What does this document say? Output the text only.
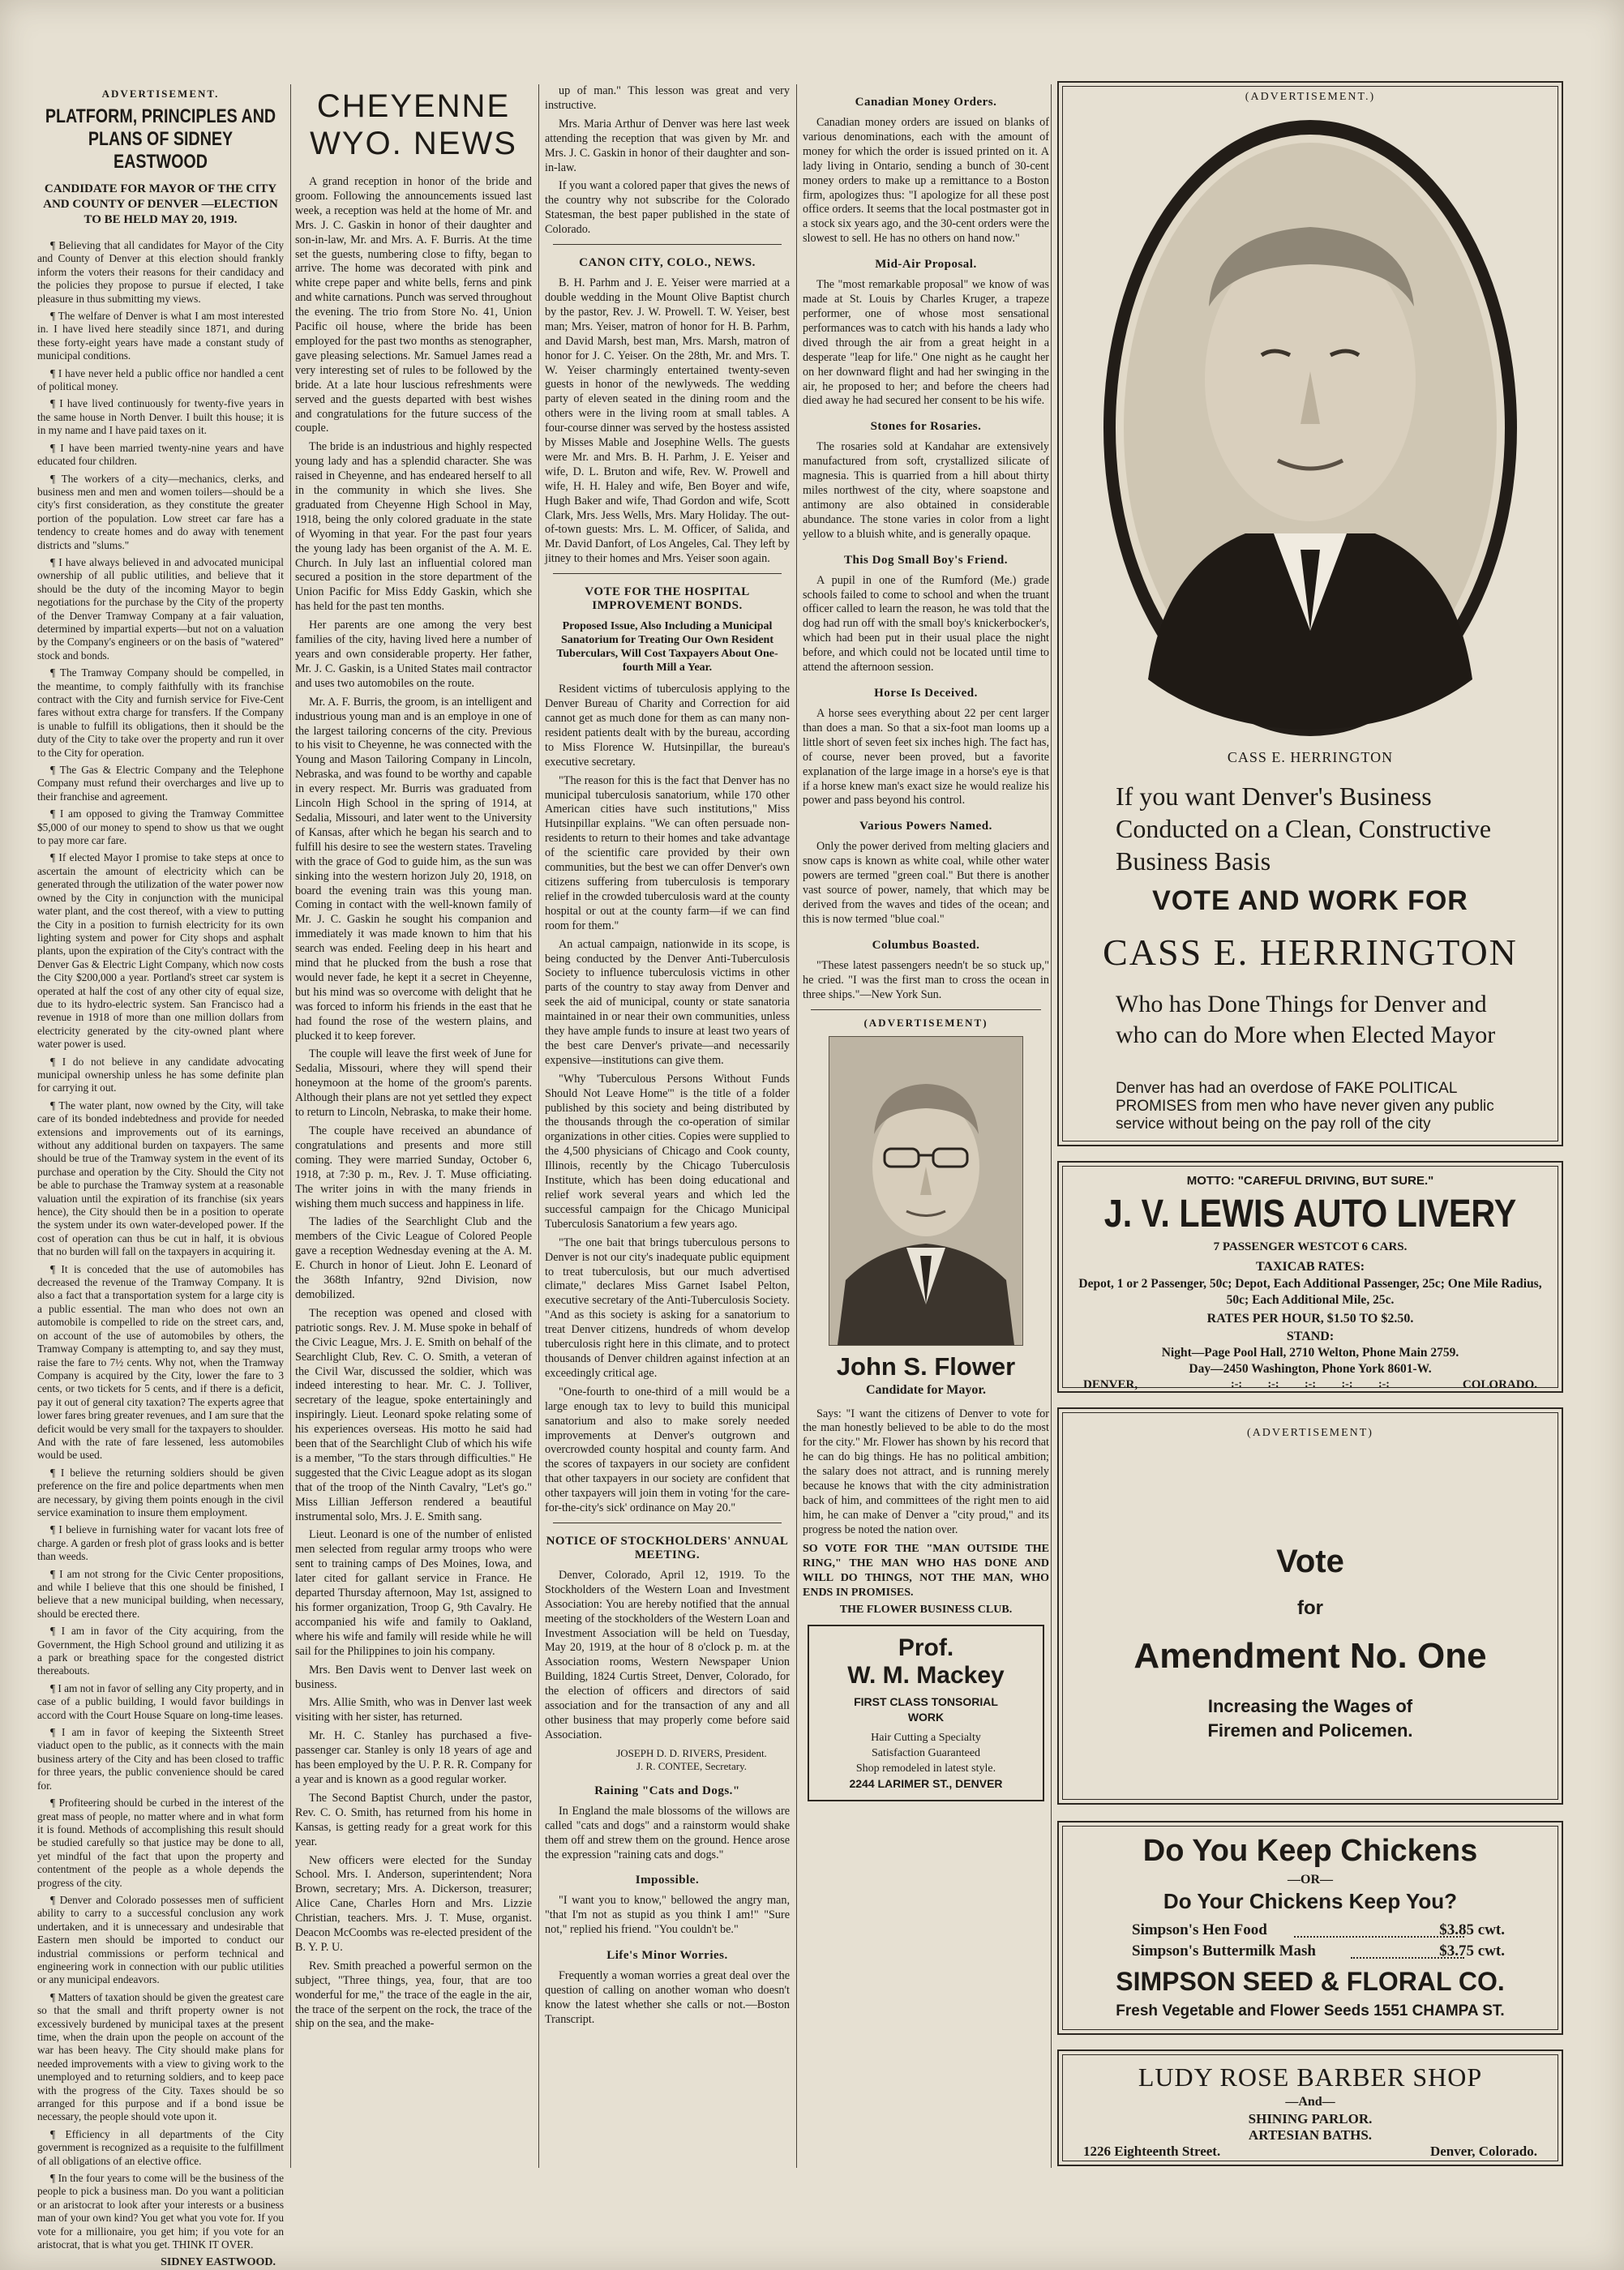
ADVERTISEMENT.
PLATFORM, PRINCIPLES AND PLANS OF SIDNEY EASTWOOD
CANDIDATE FOR MAYOR OF THE CITY AND COUNTY OF DENVER —ELECTION TO BE HELD MAY 20, 1919.

¶ Believing that all candidates for Mayor of the City and County of Denver at this election should frankly inform the voters their reasons for their candidacy and the policies they propose to pursue if elected, I take pleasure in thus submitting my views.

¶ The welfare of Denver is what I am most interested in. I have lived here steadily since 1871, and during these forty-eight years have made a constant study of municipal conditions.

¶ I have never held a public office nor handled a cent of political money.

¶ I have lived continuously for twenty-five years in the same house in North Denver. I built this house; it is in my name and I have paid taxes on it.

¶ I have been married twenty-nine years and have educated four children.

¶ The workers of a city—mechanics, clerks, and business men and men and women toilers—should be a city's first consideration, as they constitute the greater portion of the population. Low street car fare has a tendency to create homes and do away with tenement districts and "slums."

¶ I have always believed in and advocated municipal ownership of all public utilities, and believe that it should be the duty of the incoming Mayor to begin negotiations for the purchase by the City of the property of the Denver Tramway Company at a fair valuation, determined by impartial experts—but not on a valuation by the Company's engineers or on the basis of "watered" stock and bonds.

¶ The Tramway Company should be compelled, in the meantime, to comply faithfully with its franchise contract with the City and furnish service for Five-Cent fares without extra charge for transfers. If the Company is unable to fulfill its obligations, then it should be the duty of the City to take over the property and run it over to the City for operation.

¶ The Gas & Electric Company and the Telephone Company must refund their overcharges and live up to their franchise and agreement.

¶ I am opposed to giving the Tramway Committee $5,000 of our money to spend to show us that we ought to pay more car fare.

¶ If elected Mayor I promise to take steps at once to ascertain the amount of electricity which can be generated through the utilization of the water power now owned by the City in conjunction with the municipal water plant, and the cost thereof, with a view to putting the City in a position to furnish electricity for its own lighting system and power for City shops and asphalt plants, upon the expiration of the City's contract with the Denver Gas & Electric Light Company, which now costs the City $200,000 a year. Portland's street car system is operated at half the cost of any other city of equal size, due to its hydro-electric system. San Francisco had a revenue in 1918 of more than one million dollars from electricity generated by the city-owned plant where water power is used.

¶ I do not believe in any candidate advocating municipal ownership unless he has some definite plan for carrying it out.

¶ The water plant, now owned by the City, will take care of its bonded indebtedness and provide for needed extensions and improvements out of its earnings, without any additional burden on taxpayers. The same should be true of the Tramway system in the event of its purchase and operation by the City. Should the City not be able to purchase the Tramway system at a reasonable valuation until the expiration of its franchise (six years hence), the City should then be in a position to operate the system under its own water-developed power. If the cost of operation can thus be cut in half, it is obvious that no burden will fall on the taxpayers in acquiring it.

¶ It is conceded that the use of automobiles has decreased the revenue of the Tramway Company. It is also a fact that a transportation system for a large city is a public essential. The man who does not own an automobile is compelled to ride on the street cars, and, on account of the use of automobiles by others, the Tramway Company is attempting to, and say they must, raise the fare to 7½ cents. Why not, when the Tramway Company is acquired by the City, lower the fare to 3 cents, or two tickets for 5 cents, and if there is a deficit, pay it out of general city taxation? The experts agree that lower fares bring greater revenues, and I am sure that the deficit would be very small for the taxpayers to shoulder. And with the rate of fare lessened, less automobiles would be used.

¶ I believe the returning soldiers should be given preference on the fire and police departments when men are necessary, by giving them points enough in the civil service examination to insure them employment.

¶ I believe in furnishing water for vacant lots free of charge. A garden or fresh plot of grass looks and is better than weeds.

¶ I am not strong for the Civic Center propositions, and while I believe that this one should be finished, I believe that a new municipal building, when necessary, should be erected there.

¶ I am in favor of the City acquiring, from the Government, the High School ground and utilizing it as a park or breathing space for the congested district thereabouts.

¶ I am not in favor of selling any City property, and in case of a public building, I would favor buildings in accord with the Court House Square on long-time leases.

¶ I am in favor of keeping the Sixteenth Street viaduct open to the public, as it connects with the main business artery of the City and has been closed to traffic for three years, the public convenience should be cared for.

¶ Profiteering should be curbed in the interest of the great mass of people, no matter where and in what form it is found. Methods of accomplishing this result should be studied carefully so that justice may be done to all, yet mindful of the fact that upon the property and contentment of the people as a whole depends the progress of the city.

¶ Denver and Colorado possesses men of sufficient ability to carry to a successful conclusion any work undertaken, and it is unnecessary and undesirable that Eastern men should be imported to conduct our industrial commissions or perform technical and engineering work in connection with our public utilities or any municipal endeavors.

¶ Matters of taxation should be given the greatest care so that the small and thrift property owner is not excessively burdened by municipal taxes at the present time, when the drain upon the people on account of the war has been heavy. The City should make plans for needed improvements with a view to giving work to the unemployed and to returning soldiers, and to keep pace with the progress of the City. Taxes should be so arranged for this purpose and if a bond issue be necessary, the people should vote upon it.

¶ Efficiency in all departments of the City government is recognized as a requisite to the fulfillment of all obligations of an elective office.

¶ In the four years to come will be the business of the people to pick a business man. Do you want a politician or an aristocrat to look after your interests or a business man of your own kind? You get what you vote for. If you vote for a millionaire, you get him; if you vote for an aristocrat, that is what you get. THINK IT OVER.

SIDNEY EASTWOOD.
CHEYENNE WYO. NEWS

A grand reception in honor of the bride and groom. Following the announcements issued last week, a reception was held at the home of Mr. and Mrs. J. C. Gaskin in honor of their daughter and son-in-law, Mr. and Mrs. A. F. Burris. At the time set the guests, numbering close to fifty, began to arrive. The home was decorated with pink and white crepe paper and white bells, ferns and pink and white carnations. Punch was served throughout the evening. The trio from Store No. 41, Union Pacific oil house, where the bride has been employed for the past two months as stenographer, gave pleasing selections. Mr. Samuel James read a very interesting set of rules to be followed by the bride. At a late hour luscious refreshments were served and the guests departed with best wishes and congratulations for the future success of the couple.

The bride is an industrious and highly respected young lady and has a splendid character. She was raised in Cheyenne, and has endeared herself to all in the community in which she lives. She graduated from Cheyenne High School in May, 1918, being the only colored graduate in the state of Wyoming in that year. For the past four years the young lady has been organist of the A. M. E. Church. In July last an influential colored man secured a position in the store department of the Union Pacific for Miss Eddy Gaskin, which she has held for the past ten months.

Her parents are one among the very best families of the city, having lived here a number of years and own considerable property. Her father, Mr. J. C. Gaskin, is a United States mail contractor and uses two automobiles on the route.

Mr. A. F. Burris, the groom, is an intelligent and industrious young man and is an employe in one of the largest tailoring concerns of the city. Previous to his visit to Cheyenne, he was connected with the Young and Mason Tailoring Company in Lincoln, Nebraska, and was found to be worthy and capable in every respect. Mr. Burris was graduated from Lincoln High School in the spring of 1914, at Sedalia, Missouri, and later went to the University of Kansas, after which he began his search and to fulfill his desire to see the western states. Traveling with the grace of God to guide him, as the sun was sinking into the western horizon July 20, 1918, on board the evening train was this young man. Coming in contact with the well-known family of Mr. J. C. Gaskin he sought his companion and immediately it was made known to him that his search was ended. Feeling deep in his heart and mind that he plucked from the bush a rose that would never fade, he kept it a secret in Cheyenne, but his mind was so overcome with delight that he was forced to inform his friends in the east that he had found the rose of the western plains, and plucked it to keep forever.

The couple will leave the first week of June for Sedalia, Missouri, where they will spend their honeymoon at the home of the groom's parents. Although their plans are not yet settled they expect to return to Lincoln, Nebraska, to make their home.

The couple have received an abundance of congratulations and presents and more still coming. They were married Sunday, October 6, 1918, at 7:30 p. m., Rev. J. T. Muse officiating. The writer joins in with the many friends in wishing them much success and happiness in life.

The ladies of the Searchlight Club and the members of the Civic League of Colored People gave a reception Wednesday evening at the A. M. E. Church in honor of Lieut. John E. Leonard of the 368th Infantry, 92nd Division, now demobilized.

The reception was opened and closed with patriotic songs. Rev. J. M. Muse spoke in behalf of the Civic League, Mrs. J. E. Smith on behalf of the Searchlight Club, Rev. C. O. Smith, a veteran of the Civil War, discussed the soldier, which was indeed interesting to hear. Mr. C. J. Tolliver, secretary of the league, spoke entertainingly and inspiringly. Lieut. Leonard spoke relating some of his experiences overseas. His motto he said had been that of the Searchlight Club of which his wife is a member, "To the stars through difficulties." He suggested that the Civic League adopt as its slogan that of the troop of the Ninth Cavalry, "Let's go." Miss Lillian Jefferson rendered a beautiful instrumental solo, Mrs. J. E. Smith sang.

Lieut. Leonard is one of the number of enlisted men selected from regular army troops who were sent to training camps of Des Moines, Iowa, and later cited for gallant service in France. He departed Thursday afternoon, May 1st, assigned to his former organization, Troop G, 9th Cavalry. He accompanied his wife and family to Oakland, where his wife and family will reside while he will sail for the Philippines to join his company.

Mrs. Ben Davis went to Denver last week on business.

Mrs. Allie Smith, who was in Denver last week visiting with her sister, has returned.

Mr. H. C. Stanley has purchased a five-passenger car. Stanley is only 18 years of age and has been employed by the U. P. R. R. Company for a year and is known as a good regular worker.

The Second Baptist Church, under the pastor, Rev. C. O. Smith, has returned from his home in Kansas, is getting ready for a great work for this year.

New officers were elected for the Sunday School. Mrs. I. Anderson, superintendent; Nora Brown, secretary; Mrs. A. Dickerson, treasurer; Alice Cane, Charles Horn and Mrs. Lizzie Christian, teachers. Mrs. J. T. Muse, organist. Deacon McCoombs was re-elected president of the B. Y. P. U.

Rev. Smith preached a powerful sermon on the subject, "Three things, yea, four, that are too wonderful for me," the trace of the eagle in the air, the trace of the serpent on the rock, the trace of the ship on the sea, and the make-

up of man." This lesson was great and very instructive.

Mrs. Maria Arthur of Denver was here last week attending the reception that was given by Mr. and Mrs. J. C. Gaskin in honor of their daughter and son-in-law.

If you want a colored paper that gives the news of the country why not subscribe for the Colorado Statesman, the best paper published in the state of Colorado.

CANON CITY, COLO., NEWS.

B. H. Parhm and J. E. Yeiser were married at a double wedding in the Mount Olive Baptist church by the pastor, Rev. J. W. Prowell. T. W. Yeiser, best man; Mrs. Yeiser, matron of honor for H. B. Parhm, and David Marsh, best man, Mrs. Marsh, matron of honor for J. C. Yeiser. On the 28th, Mr. and Mrs. T. W. Yeiser charmingly entertained twenty-seven guests in honor of the newlyweds. The wedding party of eleven seated in the dining room and the others were in the living room at small tables. A four-course dinner was served by the hostess assisted by Misses Mable and Josephine Wells. The guests were Mr. and Mrs. B. H. Parhm, J. E. Yeiser and wife, D. L. Bruton and wife, Rev. W. Prowell and wife, H. H. Haley and wife, Ben Boyer and wife, Hugh Baker and wife, Thad Gordon and wife, Scott Clark, Mrs. Jess Wells, Mrs. Mary Holiday. The out-of-town guests: Mrs. L. M. Officer, of Salida, and Mr. David Danfort, of Los Angeles, Cal. They left by jitney to their homes and Mrs. Yeiser soon again.

VOTE FOR THE HOSPITAL IMPROVEMENT BONDS.
Proposed Issue, Also Including a Municipal Sanatorium for Treating Our Own Resident Tuberculars, Will Cost Taxpayers About One-fourth Mill a Year.

Resident victims of tuberculosis applying to the Denver Bureau of Charity and Correction for aid cannot get as much done for them as can many non-resident patients dealt with by the bureau, according to Miss Florence W. Hutsinpillar, the bureau's executive secretary.

"The reason for this is the fact that Denver has no municipal tuberculosis sanatorium, while 170 other American cities have such institutions," Miss Hutsinpillar explains. "We can often persuade non-residents to return to their homes and take advantage of the scientific care provided by their own communities, but the best we can offer Denver's own citizens suffering from tuberculosis is temporary relief in the crowded tuberculosis ward at the county hospital or out at the county farm—if we can find room for them."

An actual campaign, nationwide in its scope, is being conducted by the Denver Anti-Tuberculosis Society to influence tuberculosis victims in other parts of the country to stay away from Denver and seek the aid of municipal, county or state sanatoria maintained in or near their own communities, unless they have ample funds to insure at least two years of the best care Denver's private—and necessarily expensive—institutions can give them.

"Why 'Tuberculous Persons Without Funds Should Not Leave Home'" is the title of a folder published by this society and being distributed by the thousands through the co-operation of similar organizations in other cities. Copies were supplied to the 4,500 physicians of Chicago and Cook county, Illinois, recently by the Chicago Tuberculosis Institute, which has been doing educational and relief work several years and which led the successful campaign for the Chicago Municipal Tuberculosis Sanatorium a few years ago.

"The one bait that brings tuberculous persons to Denver is not our city's inadequate public equipment to treat tuberculosis, but our much advertised climate," declares Miss Garnet Isabel Pelton, executive secretary of the Anti-Tuberculosis Society. "And as this society is asking for a sanatorium to treat Denver citizens, hundreds of whom develop tuberculosis right here in this climate, and to protect thousands of Denver children against infection at an exceedingly critical age.

"One-fourth to one-third of a mill would be a large enough tax to levy to build this municipal sanatorium and also to make sorely needed improvements at Denver's outgrown and overcrowded county hospital and county farm. And the scores of taxpayers in our society are confident that other taxpayers in our society are confident that other taxpayers will join them in voting 'for the care-for-the-city's sick' ordinance on May 20."

NOTICE OF STOCKHOLDERS' ANNUAL MEETING.

Denver, Colorado, April 12, 1919. To the Stockholders of the Western Loan and Investment Association: You are hereby notified that the annual meeting of the stockholders of the Western Loan and Investment Association will be held on Tuesday, May 20, 1919, at the hour of 8 o'clock p. m. at the Association rooms, Western Newspaper Union Building, 1824 Curtis Street, Denver, Colorado, for the election of officers and directors of said association and for the transaction of any and all other business that may properly come before said Association.

JOSEPH D. D. RIVERS, President.
J. R. CONTEE, Secretary.
Raining "Cats and Dogs."

In England the male blossoms of the willows are called "cats and dogs" and a rainstorm would shake them off and strew them on the ground. Hence arose the expression "raining cats and dogs."

Impossible.

"I want you to know," bellowed the angry man, "that I'm not as stupid as you think I am!" "Sure not," replied his friend. "You couldn't be."

Life's Minor Worries.

Frequently a woman worries a great deal over the question of calling on another woman who doesn't know the latest whether she calls or not.—Boston Transcript.

Canadian Money Orders.

Canadian money orders are issued on blanks of various denominations, each with the amount of money for which the order is issued printed on it. A lady living in Ontario, sending a bunch of 30-cent money orders to make up a remittance to a Boston firm, apologizes thus: "I apologize for all these post office orders. It seems that the local postmaster got in a stock six years ago, and the 30-cent orders were the slowest to sell. He has no others on hand now."

Mid-Air Proposal.

The "most remarkable proposal" we know of was made at St. Louis by Charles Kruger, a trapeze performer, one of whose most sensational performances was to catch with his hands a lady who dived through the air from a great height in a desperate "leap for life." One night as he caught her on her downward flight and had her swinging in the air, he proposed to her; and before the cheers had died away he had secured her consent to be his wife.

Stones for Rosaries.

The rosaries sold at Kandahar are extensively manufactured from soft, crystallized silicate of magnesia. This is quarried from a hill about thirty miles northwest of the city, where soapstone and antimony are also obtained in considerable abundance. The stone varies in color from a light yellow to a bluish white, and is generally opaque.

This Dog Small Boy's Friend.

A pupil in one of the Rumford (Me.) grade schools failed to come to school and when the truant officer called to learn the reason, he was told that the dog had run off with the small boy's knickerbocker's, which had been put in their usual place the night before, and which could not be located until time to attend the afternoon session.

Horse Is Deceived.

A horse sees everything about 22 per cent larger than does a man. So that a six-foot man looms up a little short of seven feet six inches high. The fact has, of course, never been proved, but a favorite explanation of the large image in a horse's eye is that if a horse knew man's exact size he would realize his power and pass beyond his control.

Various Powers Named.

Only the power derived from melting glaciers and snow caps is known as white coal, while other water powers are termed "green coal." But there is another vast source of power, namely, that which may be derived from the waves and tides of the ocean; and this is now termed "blue coal."

Columbus Boasted.

"These latest passengers needn't be so stuck up," he cried. "I was the first man to cross the ocean in three ships."—New York Sun.

(ADVERTISEMENT)
John S. Flower
Candidate for Mayor.

Says: "I want the citizens of Denver to vote for the man honestly believed to be able to do the most for the city." Mr. Flower has shown by his record that he can do big things. He has no political ambition; the salary does not attract, and is running merely because he knows that with the city administration back of him, and committees of the right men to aid him, he can make of Denver a "city proud," and its progress be noted the nation over.

SO VOTE FOR THE "MAN OUTSIDE THE RING," THE MAN WHO HAS DONE AND WILL DO THINGS, NOT THE MAN, WHO ENDS IN PROMISES.
THE FLOWER BUSINESS CLUB.
Prof.
W. M. Mackey
FIRST CLASS TONSORIAL
WORK
Hair Cutting a Specialty
Satisfaction Guaranteed
Shop remodeled in latest style.
2244 LARIMER ST., DENVER
(ADVERTISEMENT.)
CASS E. HERRINGTON
If you want Denver's Business Conducted on a Clean, Constructive Business Basis
VOTE AND WORK FOR
CASS E. HERRINGTON
Who has Done Things for Denver and who can do More when Elected Mayor
Denver has had an overdose of FAKE POLITICAL PROMISES from men who have never given any public service without being on the pay roll of the city
MOTTO: "CAREFUL DRIVING, BUT SURE."
J. V. LEWIS AUTO LIVERY
7 PASSENGER WESTCOT 6 CARS.
TAXICAB RATES:
Depot, 1 or 2 Passenger, 50c; Depot, Each Additional Passenger, 25c; One Mile Radius, 50c; Each Additional Mile, 25c.
RATES PER HOUR, $1.50 TO $2.50.
STAND:
Night—Page Pool Hall, 2710 Welton, Phone Main 2759.
Day—2450 Washington, Phone York 8601-W.
DENVER,	:-: :-: :-: :-: :-:	COLORADO.
(ADVERTISEMENT)
Vote
for
Amendment No. One
Increasing the Wages of Firemen and Policemen.
Do You Keep Chickens
—OR—
Do Your Chickens Keep You?
Simpson's Hen Food	$3.85 cwt.
Simpson's Buttermilk Mash	$3.75 cwt.
SIMPSON SEED & FLORAL CO.
Fresh Vegetable and Flower Seeds 1551 CHAMPA ST.
LUDY ROSE BARBER SHOP
—And—
SHINING PARLOR.
ARTESIAN BATHS.
1226 Eighteenth Street.	Denver, Colorado.
